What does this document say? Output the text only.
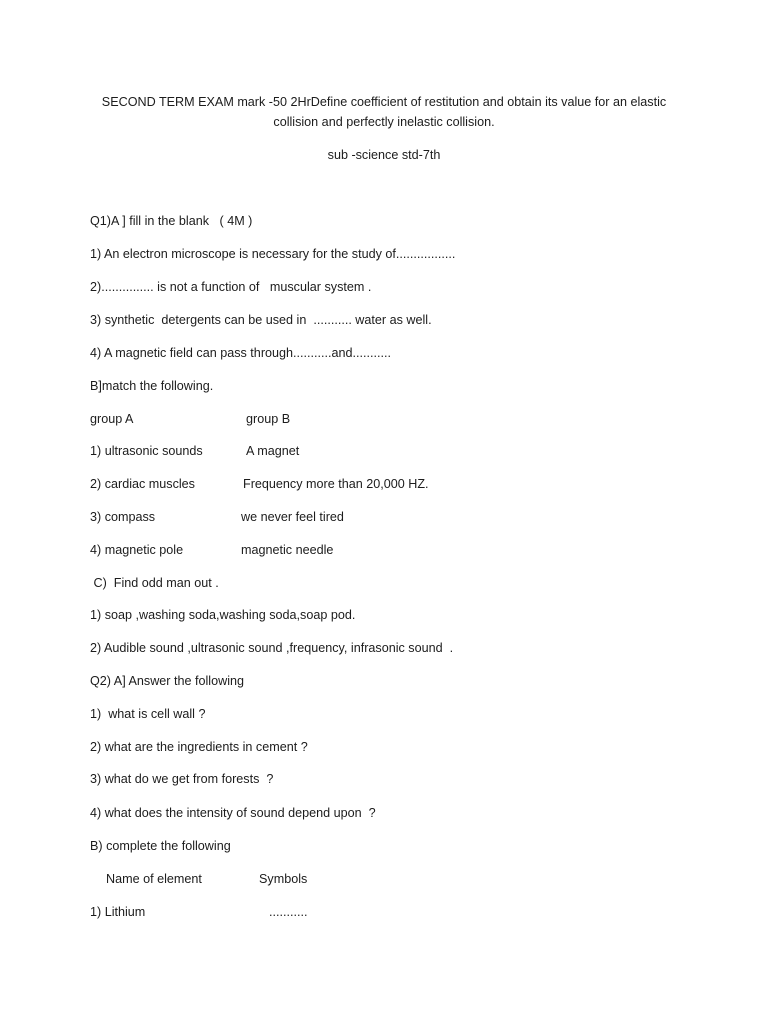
SECOND TERM EXAM mark -50 2HrDefine coefficient of restitution and obtain its value for an elastic
collision and perfectly inelastic collision.
sub -science std-7th
Q1)A ] fill in the blank   ( 4M )
1) An electron microscope is necessary for the study of.................
2)............... is not a function of   muscular system .
3) synthetic  detergents can be used in  ........... water as well.
4) A magnetic field can pass through...........and...........
B]match the following.
group A	group B
1) ultrasonic sounds	A magnet
2) cardiac muscles	Frequency more than 20,000 HZ.
3) compass	we never feel tired
4) magnetic pole	magnetic needle
C)  Find odd man out .
1) soap ,washing soda,washing soda,soap pod.
2) Audible sound ,ultrasonic sound ,frequency, infrasonic sound  .
Q2) A] Answer the following
1)  what is cell wall ?
2) what are the ingredients in cement ?
3) what do we get from forests  ?
4) what does the intensity of sound depend upon  ?
B) complete the following
Name of element	Symbols
1) Lithium	...........
